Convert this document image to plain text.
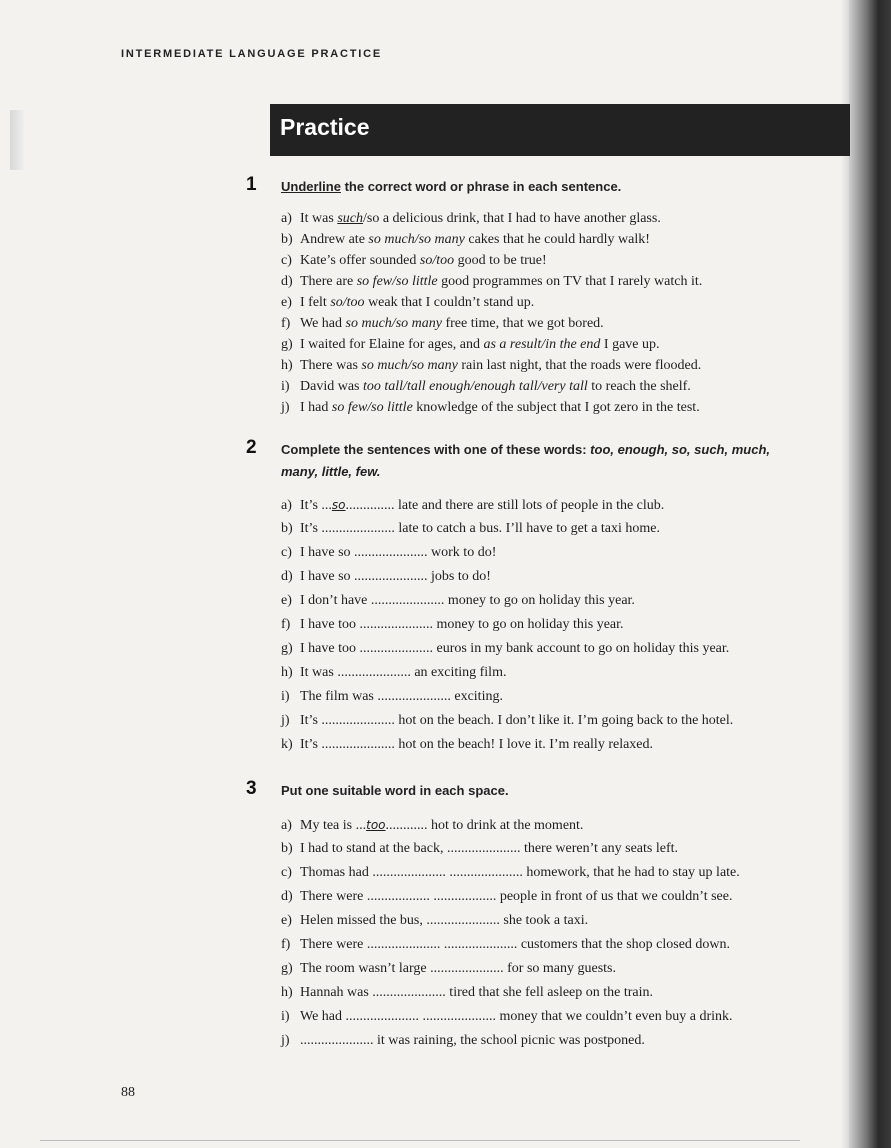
INTERMEDIATE LANGUAGE PRACTICE
Practice
1 Underline the correct word or phrase in each sentence.
a) It was such/so a delicious drink, that I had to have another glass.
b) Andrew ate so much/so many cakes that he could hardly walk!
c) Kate’s offer sounded so/too good to be true!
d) There are so few/so little good programmes on TV that I rarely watch it.
e) I felt so/too weak that I couldn’t stand up.
f) We had so much/so many free time, that we got bored.
g) I waited for Elaine for ages, and as a result/in the end I gave up.
h) There was so much/so many rain last night, that the roads were flooded.
i) David was too tall/tall enough/enough tall/very tall to reach the shelf.
j) I had so few/so little knowledge of the subject that I got zero in the test.
2 Complete the sentences with one of these words: too, enough, so, such, much,
many, little, few.
a) It’s ...so.............. late and there are still lots of people in the club.
b) It’s ..................... late to catch a bus. I’ll have to get a taxi home.
c) I have so ..................... work to do!
d) I have so ..................... jobs to do!
e) I don’t have ..................... money to go on holiday this year.
f) I have too ..................... money to go on holiday this year.
g) I have too ..................... euros in my bank account to go on holiday this year.
h) It was ..................... an exciting film.
i) The film was ..................... exciting.
j) It’s ..................... hot on the beach. I don’t like it. I’m going back to the hotel.
k) It’s ..................... hot on the beach! I love it. I’m really relaxed.
3 Put one suitable word in each space.
a) My tea is ...too............ hot to drink at the moment.
b) I had to stand at the back, ..................... there weren’t any seats left.
c) Thomas had ..................... ..................... homework, that he had to stay up late.
d) There were .................. .................. people in front of us that we couldn’t see.
e) Helen missed the bus, ..................... she took a taxi.
f) There were ..................... ..................... customers that the shop closed down.
g) The room wasn’t large ..................... for so many guests.
h) Hannah was ..................... tired that she fell asleep on the train.
i) We had ..................... ..................... money that we couldn’t even buy a drink.
j) ..................... it was raining, the school picnic was postponed.
88
